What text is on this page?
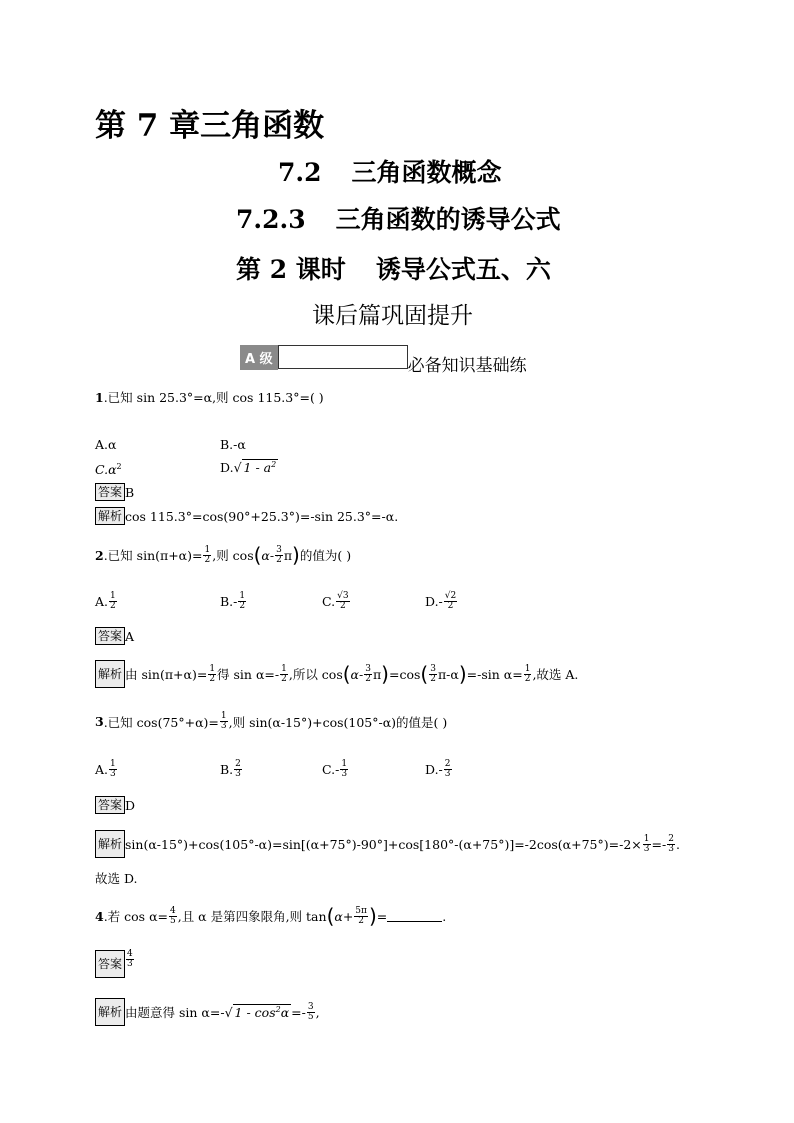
第 7 章三角函数
7.2 三角函数概念
7.2.3 三角函数的诱导公式
第 2 课时 诱导公式五、六
课后篇巩固提升
A 级	必备知识基础练
1.已知 sin 25.3°=α,则 cos 115.3°=( )
A.α	B.-α
$C.\alpha^2$	D.√ $1 - a^2$
答案 B
解析 cos 115.3°=cos(90°+25.3°)=-sin 25.3°=-α.
2 .已知 $\sin(\pi+\alpha)= \frac{1}{2}$ ,则 cos ( $\alpha- \frac{3}{2}$ π ) 的值为( )
A. $\frac{1}{2}$	$B.- \frac{1}{2}$	C. $\frac{√3}{2}$	$D.- \frac{√2}{2}$
答案 A
解析 由 $\sin(\pi+\alpha)= \frac{1}{2}$ 得 $\sin \alpha=- \frac{1}{2}$ ,所以 cos ( $\alpha- \frac{3}{2}$ π ) =cos ( $\frac{3}{2} \pi-\alpha$ ) =-sin $\alpha= \frac{1}{2}$ ,故选 A.
3 .已知 $\cos(75^\circ+\alpha)= \frac{1}{3}$ ,则 sin(α-15°)+cos(105°-α)的值是( )
A. $\frac{1}{3}$	B. $\frac{2}{3}$	$C.- \frac{1}{3}$	$D.- \frac{2}{3}$
答案 D
解析 $\sin(\alpha-15^\circ)+\cos(105^\circ-\alpha)=\sin[(\alpha+75^\circ)-90^\circ]+\cos[180^\circ-(\alpha+75^\circ)]=-2\cos(\alpha+75^\circ)=-2\times \frac{1}{3} =- \frac{2}{3}$ .
故选 D.
4 .若 $\cos \alpha= \frac{4}{5}$ ,且 α 是第四象限角,则 tan ( $\alpha+ \frac{5\pi}{2}$ ) =	.
答案 $\frac{4}{3}$
解析 由题意得 sin α=- √ $1 - \cos^2\alpha =- \frac{3}{5}$ ,
